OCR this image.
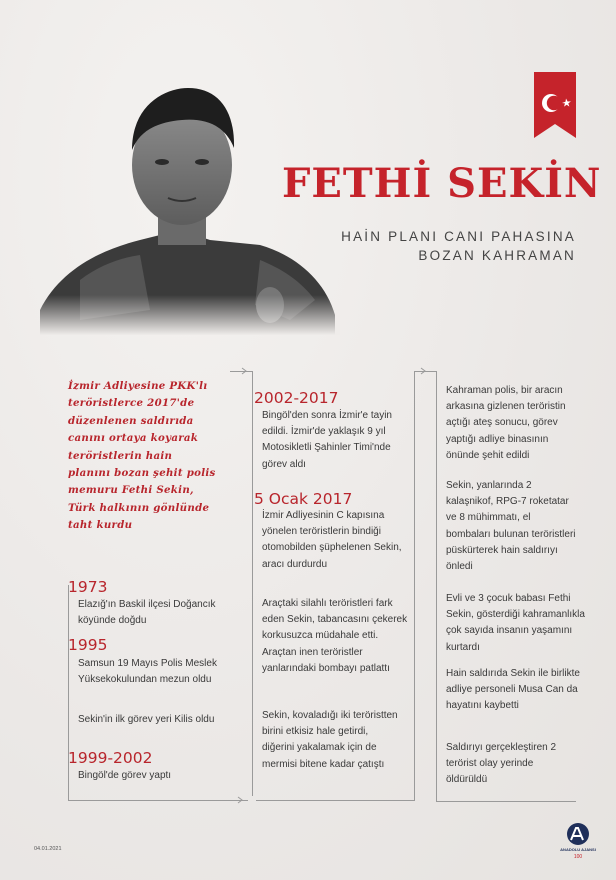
FETHİ SEKİN
HAİN PLANI CANI PAHASINA
BOZAN KAHRAMAN
İzmir Adliyesine PKK'lı teröristlerce 2017'de düzenlenen saldırıda canını ortaya koyarak teröristlerin hain planını bozan şehit polis memuru Fethi Sekin, Türk halkının gönlünde taht kurdu
1973
Elazığ'ın Baskil ilçesi Doğancık köyünde doğdu
1995
Samsun 19 Mayıs Polis Meslek Yüksekokulundan mezun oldu
Sekin'in ilk görev yeri Kilis oldu
1999-2002
Bingöl'de görev yaptı
2002-2017
Bingöl'den sonra İzmir'e tayin edildi. İzmir'de yaklaşık 9 yıl Motosikletli Şahinler Timi'nde görev aldı
5 Ocak 2017
İzmir Adliyesinin C kapısına yönelen teröristlerin bindiği otomobilden şüphelenen Sekin, aracı durdurdu
Araçtaki silahlı teröristleri fark eden Sekin, tabancasını çekerek korkusuzca müdahale etti. Araçtan inen teröristler yanlarındaki bombayı patlattı
Sekin, kovaladığı iki teröristten birini etkisiz hale getirdi, diğerini yakalamak için de mermisi bitene kadar çatıştı
Kahraman polis, bir aracın arkasına gizlenen teröristin açtığı ateş sonucu, görev yaptığı adliye binasının önünde şehit edildi
Sekin, yanlarında 2 kalaşnikof, RPG-7 roketatar ve 8 mühimmatı, el bombaları bulunan teröristleri püskürterek hain saldırıyı önledi
Evli ve 3 çocuk babası Fethi Sekin, gösterdiği kahramanlıkla çok sayıda insanın yaşamını kurtardı
Hain saldırıda Sekin ile birlikte adliye personeli Musa Can da hayatını kaybetti
Saldırıyı gerçekleştiren 2 terörist olay yerinde öldürüldü
04.01.2021	ANADOLU AJANSI
100
